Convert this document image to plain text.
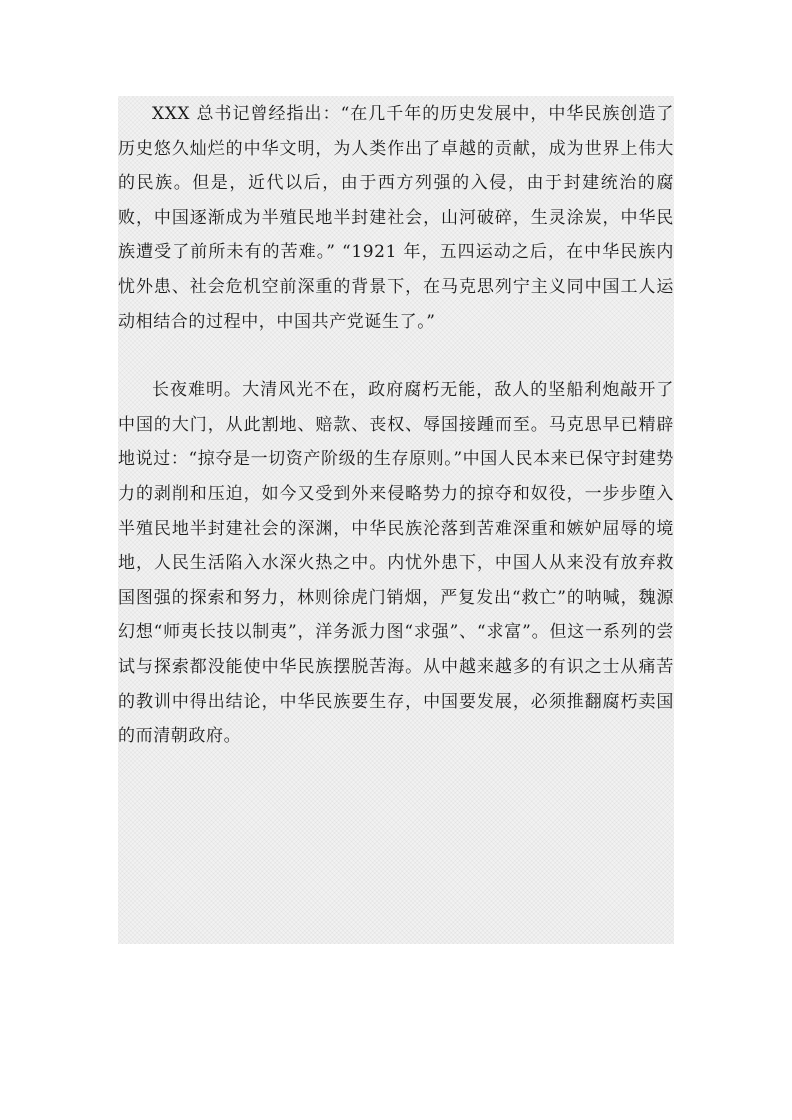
XXX 总书记曾经指出：“在几千年的历史发展中，中华民族创造了历史悠久灿烂的中华文明，为人类作出了卓越的贡献，成为世界上伟大的民族。但是，近代以后，由于西方列强的入侵，由于封建统治的腐败，中国逐渐成为半殖民地半封建社会，山河破碎，生灵涂炭，中华民族遭受了前所未有的苦难。” “1921 年，五四运动之后，在中华民族内忧外患、社会危机空前深重的背景下，在马克思列宁主义同中国工人运动相结合的过程中，中国共产党诞生了。”

长夜难明。大清风光不在，政府腐朽无能，敌人的坚船利炮敲开了中国的大门，从此割地、赔款、丧权、辱国接踵而至。马克思早已精辟地说过：“掠夺是一切资产阶级的生存原则。”中国人民本来已保守封建势力的剥削和压迫，如今又受到外来侵略势力的掠夺和奴役，一步步堕入半殖民地半封建社会的深渊，中华民族沦落到苦难深重和嫉妒屈辱的境地，人民生活陷入水深火热之中。内忧外患下，中国人从来没有放弃救国图强的探索和努力，林则徐虎门销烟，严复发出“救亡”的呐喊，魏源幻想“师夷长技以制夷”，洋务派力图“求强”、“求富”。但这一系列的尝试与探索都没能使中华民族摆脱苦海。从中越来越多的有识之士从痛苦的教训中得出结论，中华民族要生存，中国要发展，必须推翻腐朽卖国的而清朝政府。
